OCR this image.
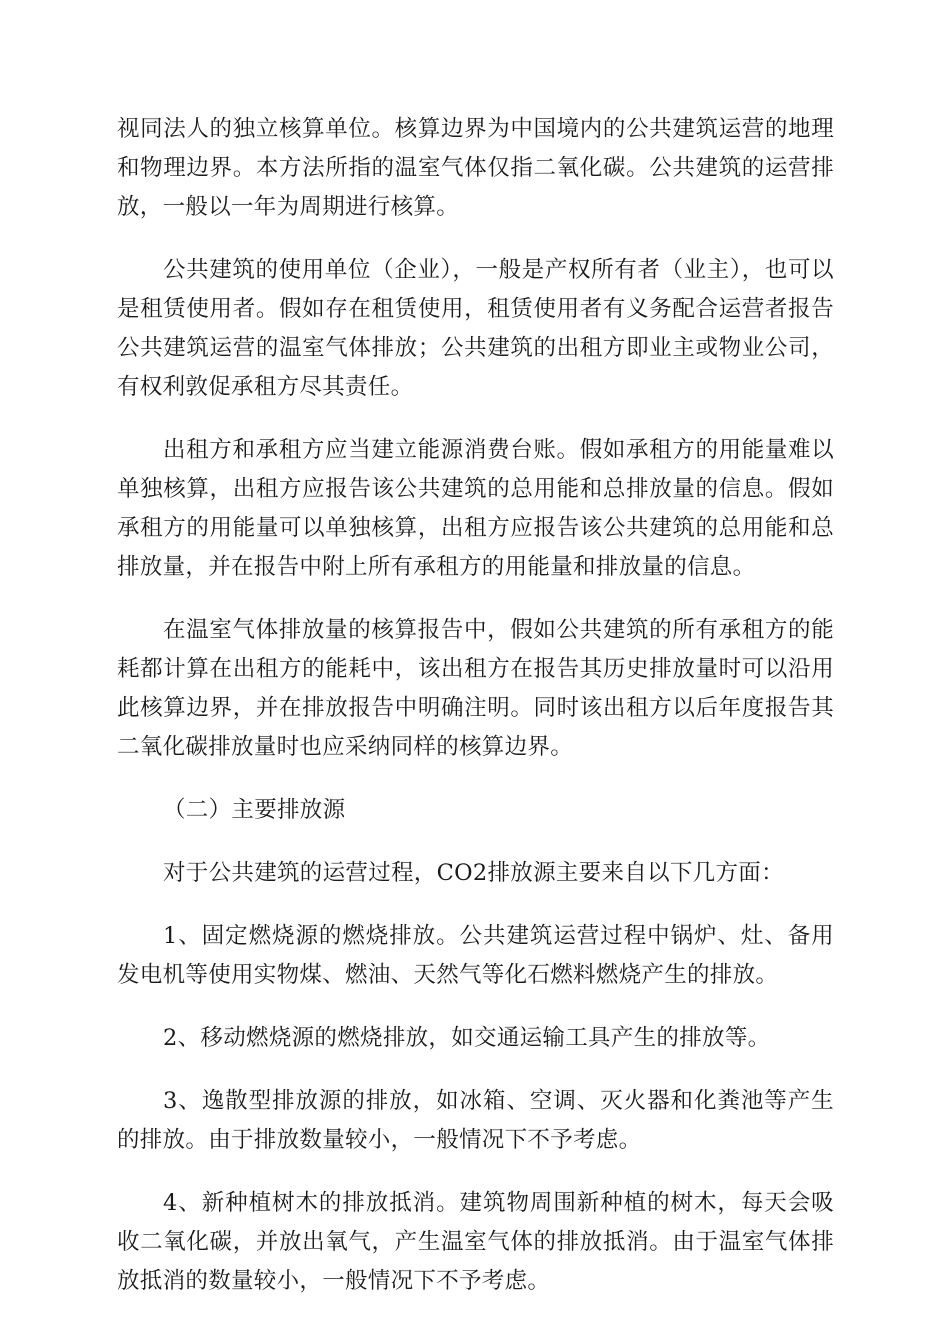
视同法人的独立核算单位。核算边界为中国境内的公共建筑运营的地理和物理边界。本方法所指的温室气体仅指二氧化碳。公共建筑的运营排放，一般以一年为周期进行核算。

公共建筑的使用单位（企业），一般是产权所有者（业主），也可以是租赁使用者。假如存在租赁使用，租赁使用者有义务配合运营者报告公共建筑运营的温室气体排放；公共建筑的出租方即业主或物业公司，有权利敦促承租方尽其责任。

出租方和承租方应当建立能源消费台账。假如承租方的用能量难以单独核算，出租方应报告该公共建筑的总用能和总排放量的信息。假如承租方的用能量可以单独核算，出租方应报告该公共建筑的总用能和总排放量，并在报告中附上所有承租方的用能量和排放量的信息。

在温室气体排放量的核算报告中，假如公共建筑的所有承租方的能耗都计算在出租方的能耗中，该出租方在报告其历史排放量时可以沿用此核算边界，并在排放报告中明确注明。同时该出租方以后年度报告其二氧化碳排放量时也应采纳同样的核算边界。

（二）主要排放源

对于公共建筑的运营过程，CO2排放源主要来自以下几方面：

1、固定燃烧源的燃烧排放。公共建筑运营过程中锅炉、灶、备用发电机等使用实物煤、燃油、天然气等化石燃料燃烧产生的排放。

2、移动燃烧源的燃烧排放，如交通运输工具产生的排放等。

3、逸散型排放源的排放，如冰箱、空调、灭火器和化粪池等产生的排放。由于排放数量较小，一般情况下不予考虑。

4、新种植树木的排放抵消。建筑物周围新种植的树木，每天会吸收二氧化碳，并放出氧气，产生温室气体的排放抵消。由于温室气体排放抵消的数量较小，一般情况下不予考虑。
